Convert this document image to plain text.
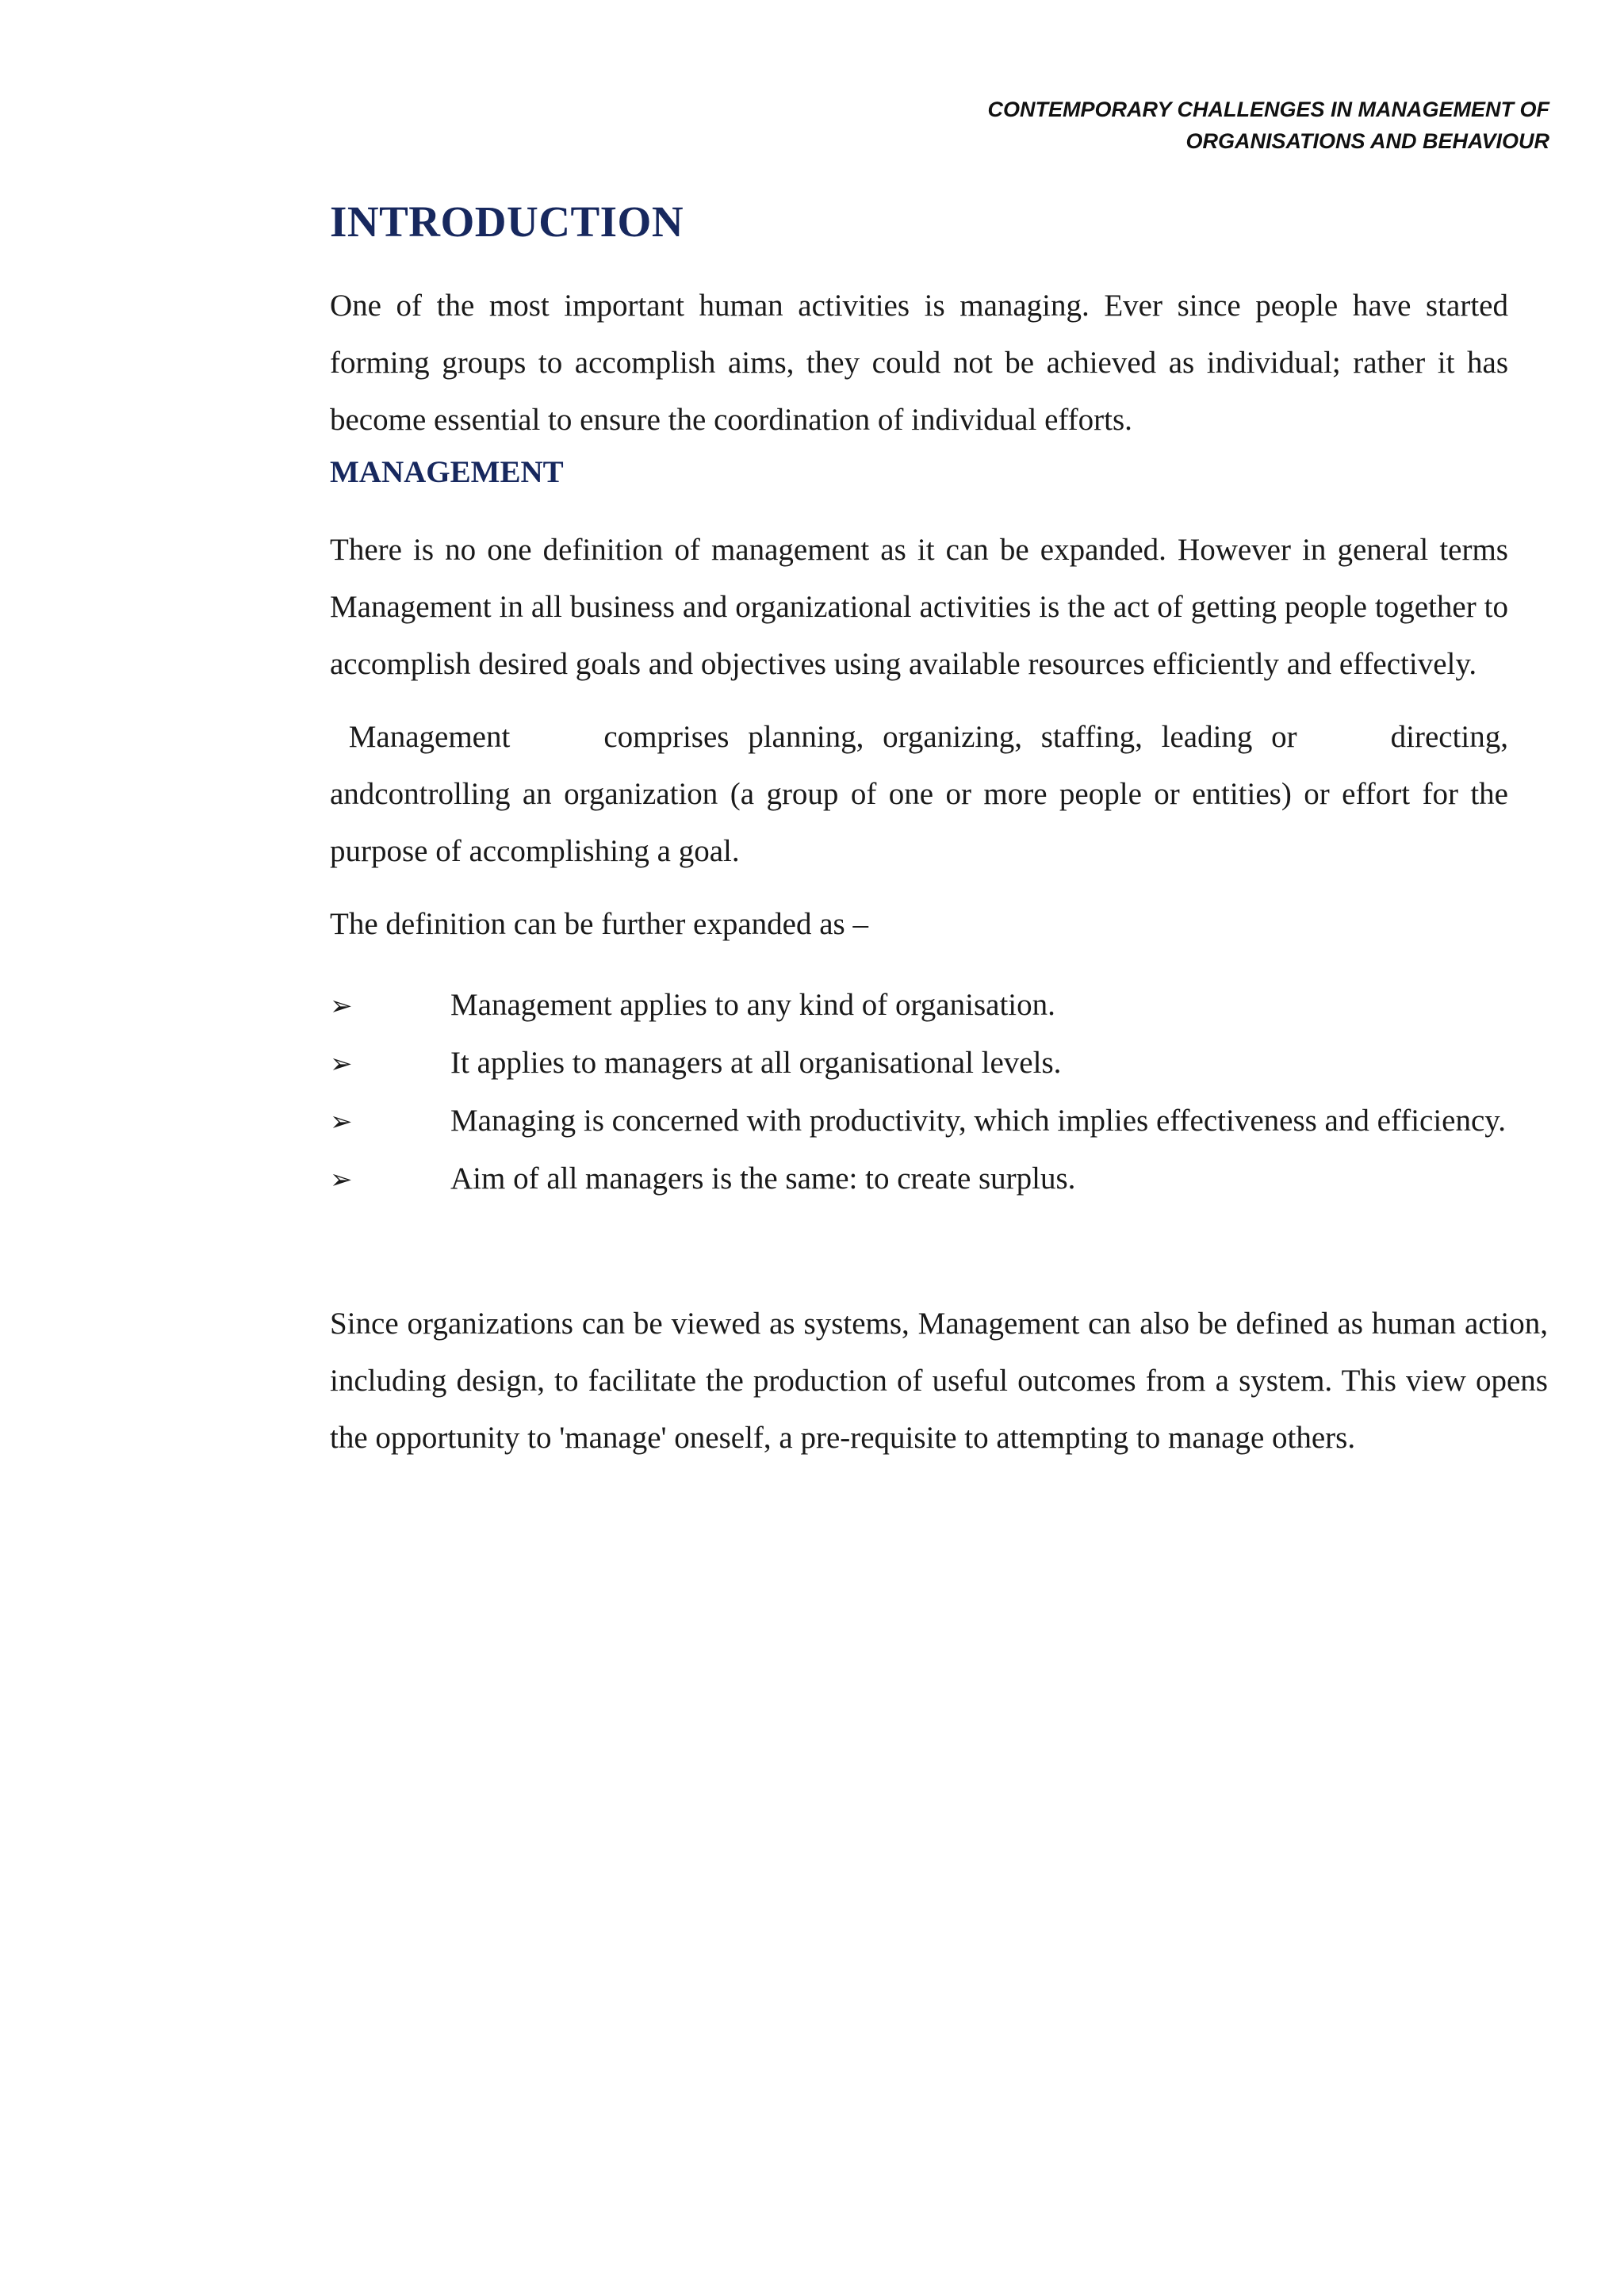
CONTEMPORARY CHALLENGES IN MANAGEMENT OF
ORGANISATIONS AND BEHAVIOUR
INTRODUCTION

One of the most important human activities is managing. Ever since people have started forming groups to accomplish aims, they could not be achieved as individual; rather it has become essential to ensure the coordination of individual efforts.

MANAGEMENT

There is no one definition of management as it can be expanded. However in general terms Management in all business and organizational activities is the act of getting people together to accomplish desired goals and objectives using available resources efficiently and effectively.

Management	comprises planning, organizing, staffing, leading or	directing, andcontrolling an organization (a group of one or more people or entities) or effort for the purpose of accomplishing a goal.

The definition can be further expanded as –

➢	Management applies to any kind of organisation.
➢	It applies to managers at all organisational levels.
➢	Managing is concerned with productivity, which implies effectiveness and efficiency.
➢	Aim of all managers is the same: to create surplus.

Since organizations can be viewed as systems, Management can also be defined as human action, including design, to facilitate the production of useful outcomes from a system. This view opens the opportunity to 'manage' oneself, a pre-requisite to attempting to manage others.
